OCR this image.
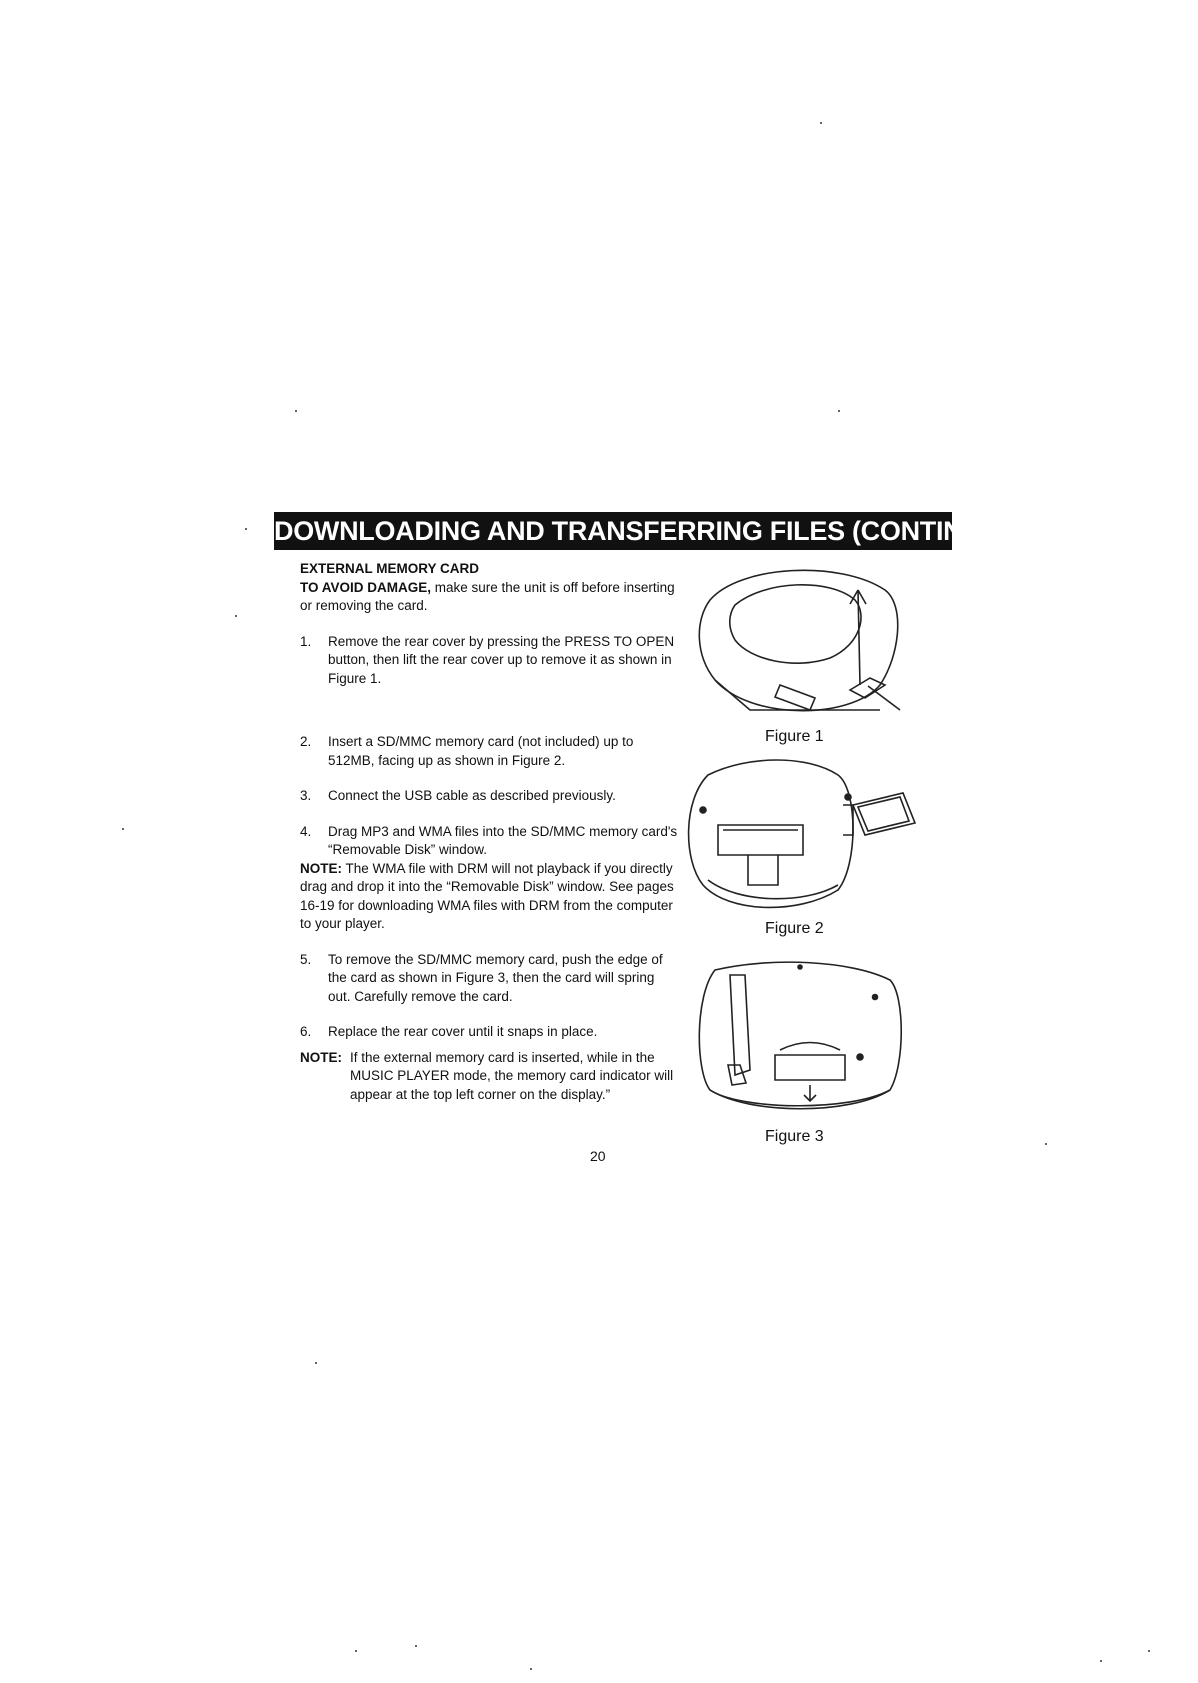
DOWNLOADING AND TRANSFERRING FILES (CONTINUED)

EXTERNAL MEMORY CARD

TO AVOID DAMAGE, make sure the unit is off before inserting or removing the card.

1.	Remove the rear cover by pressing the PRESS TO OPEN button, then lift the rear cover up to remove it as shown in Figure 1.
2.	Insert a SD/MMC memory card (not included) up to 512MB, facing up as shown in Figure 2.
3.	Connect the USB cable as described previously.
4.	Drag MP3 and WMA files into the SD/MMC memory card's “Removable Disk” window.

NOTE: The WMA file with DRM will not playback if you directly drag and drop it into the “Removable Disk” window. See pages 16-19 for downloading WMA files with DRM from the computer to your player.

5.	To remove the SD/MMC memory card, push the edge of the card as shown in Figure 3, then the card will spring out. Carefully remove the card.
6.	Replace the rear cover until it snaps in place.
NOTE: If the external memory card is inserted, while in the MUSIC PLAYER mode, the memory card indicator will appear at the top left corner on the display.”
Figure 1
Figure 2
Figure 3
20
